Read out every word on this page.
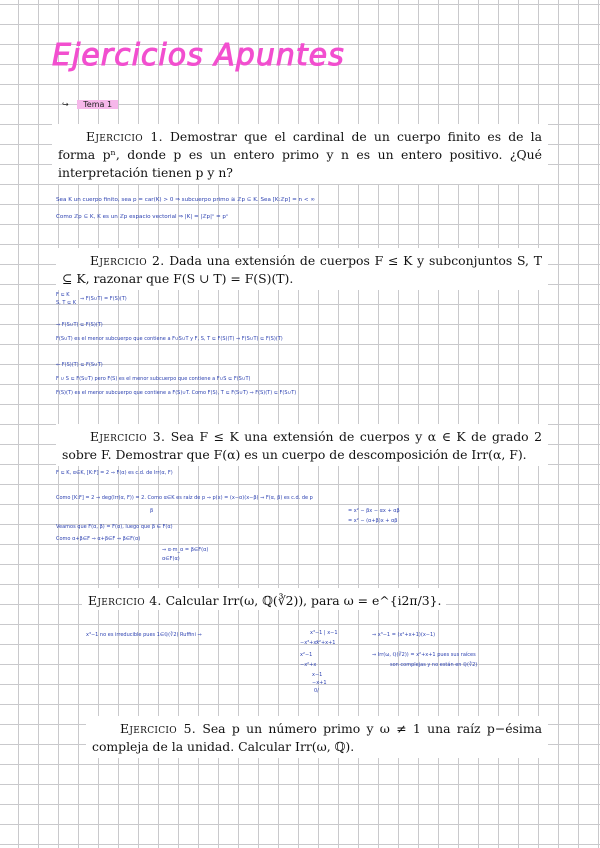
Ejercicios Apuntes
↪ Tema 1
Ejercicio 1. Demostrar que el cardinal de un cuerpo finito es de la forma pⁿ, donde p es un entero primo y n es un entero positivo. ¿Qué interpretación tienen p y n?
Sea K un cuerpo finito, sea p = car(K) > 0 ⇒ subcuerpo primo ≅ ℤp ⊆ K. Sea [K:ℤp] = n < ∞
Como ℤp ⊆ K, K es un ℤp espacio vectorial ⇒ |K| = |ℤp|ⁿ = pⁿ
Ejercicio 2. Dada una extensión de cuerpos F ≤ K y subconjuntos S, T ⊆ K, razonar que F(S ∪ T) = F(S)(T).
F ⊆ K
S, T ⊆ K
⇒ F(S∪T) = F(S)(T)
⇒ F(S∪T) ⊆ F(S)(T)
F(S∪T) es el menor subcuerpo que contiene a F∪S∪T y F, S, T ⊆ F(S)(T) ⇒ F(S∪T) ⊆ F(S)(T)
⇐ F(S)(T) ⊆ F(S∪T)
F ∪ S ⊆ F(S∪T) pero F(S) es el menor subcuerpo que contiene a F∪S ⊆ F(S∪T)
F(S)(T) es el menor subcuerpo que contiene a F(S)∪T. Como F(S), T ⊆ F(S∪T) ⇒ F(S)(T) ⊆ F(S∪T)
Ejercicio 3. Sea F ≤ K una extensión de cuerpos y α ∈ K de grado 2 sobre F. Demostrar que F(α) es un cuerpo de descomposición de Irr(α, F).
F ⊆ K, α∈K, [K:F] = 2 ⇒ F(α) es c.d. de Irr(α, F)
Como [K:F] = 2 ⇒ deg(Irr(α, F)) = 2. Como α∈K es raíz de p ⇒ p(x) = (x−α)(x−β) ⇒ F(α, β) es c.d. de p
= x² − βx − αx + αβ
= x² − (α+β)x + αβ
Veamos que F(α, β) = F(α), luego que β ∈ F(α)
Como α+β∈F ⇒ α+β∈F ⇒ β∈F(α)
⇒ α·m_α = β∈F(α)
α∈F(α)
β
Ejercicio 4. Calcular Irr(ω, ℚ(∛2)), para ω = e^{i2π/3}.
x³−1 no es irreducible pues 1∈ℚ(∛2) Ruffini ⇒	x³−1 | x−1
x²+x+1
⇒ x³−1 = (x²+x+1)(x−1)
⇒ Irr(ω, ℚ(∛2)) = x²+x+1 pues sus raíces
son complejas y no están en ℚ(∛2)
−x³+x²
x²−1
−x²+x
x−1
−x+1
0/
Ejercicio 5. Sea p un número primo y ω ≠ 1 una raíz p−ésima compleja de la unidad. Calcular Irr(ω, ℚ).
